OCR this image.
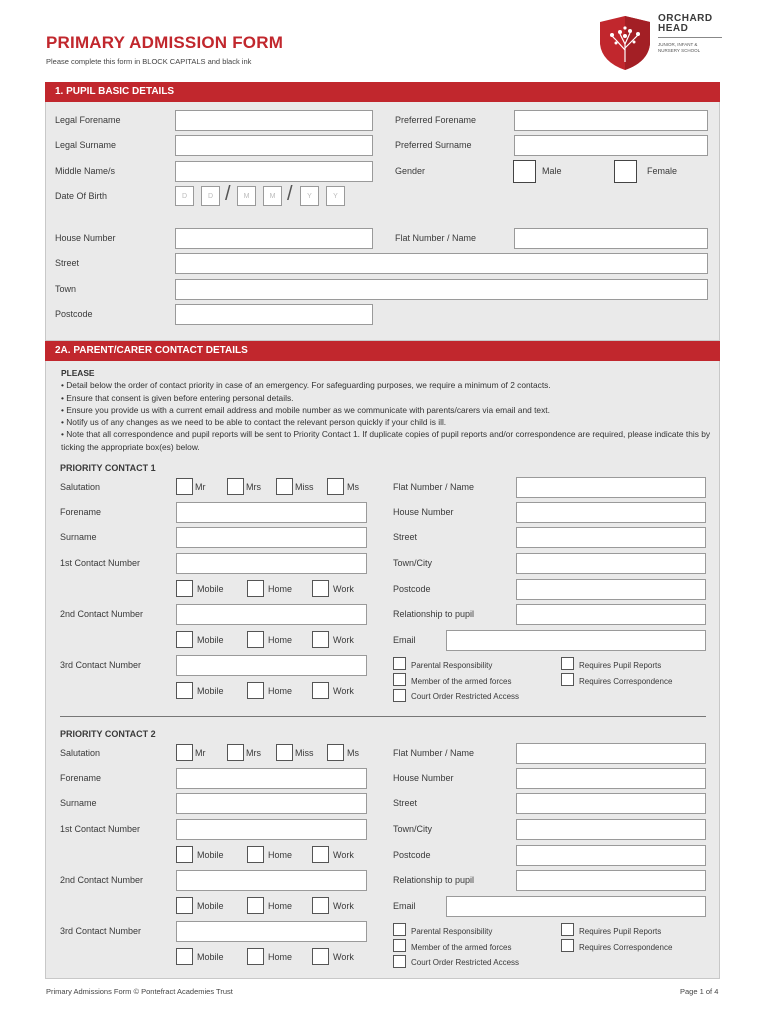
PRIMARY ADMISSION FORM
Please complete this form in BLOCK CAPITALS and black ink
ORCHARD
HEAD
JUNIOR, INFANT & NURSERY SCHOOL
1. PUPIL BASIC DETAILS
Legal Forename	Preferred Forename
Legal Surname	Preferred Surname
Middle Name/s	Gender	Male	Female
Date Of Birth	D	D /	M	M /	Y	Y
House Number	Flat Number / Name
Street
Town
Postcode
2A. PARENT/CARER CONTACT DETAILS

PLEASE

• Detail below the order of contact priority in case of an emergency. For safeguarding purposes, we require a minimum of 2 contacts.

• Ensure that consent is given before entering personal details.

• Ensure you provide us with a current email address and mobile number as we communicate with parents/carers via email and text.

• Notify us of any changes as we need to be able to contact the relevant person quickly if your child is ill.

• Note that all correspondence and pupil reports will be sent to Priority Contact 1. If duplicate copies of pupil reports and/or correspondence are required, please indicate this by ticking the appropriate box(es) below.

PRIORITY CONTACT 1
Salutation	Mr	Mrs	Miss	Ms
Forename
Surname
1st Contact Number
Mobile	Home	Work
2nd Contact Number
Mobile	Home	Work
3rd Contact Number
Mobile	Home	Work
Flat Number / Name
House Number
Street
Town/City
Postcode
Relationship to pupil
Email
Parental Responsibility
Member of the armed forces
Court Order Restricted Access
Requires Pupil Reports
Requires Correspondence
PRIORITY CONTACT 2
Salutation	Mr	Mrs	Miss	Ms
Forename
Surname
1st Contact Number
Mobile	Home	Work
2nd Contact Number
Mobile	Home	Work
3rd Contact Number
Mobile	Home	Work
Flat Number / Name
House Number
Street
Town/City
Postcode
Relationship to pupil
Email
Parental Responsibility
Member of the armed forces
Court Order Restricted Access
Requires Pupil Reports
Requires Correspondence
Primary Admissions Form © Pontefract Academies Trust	Page 1 of 4
